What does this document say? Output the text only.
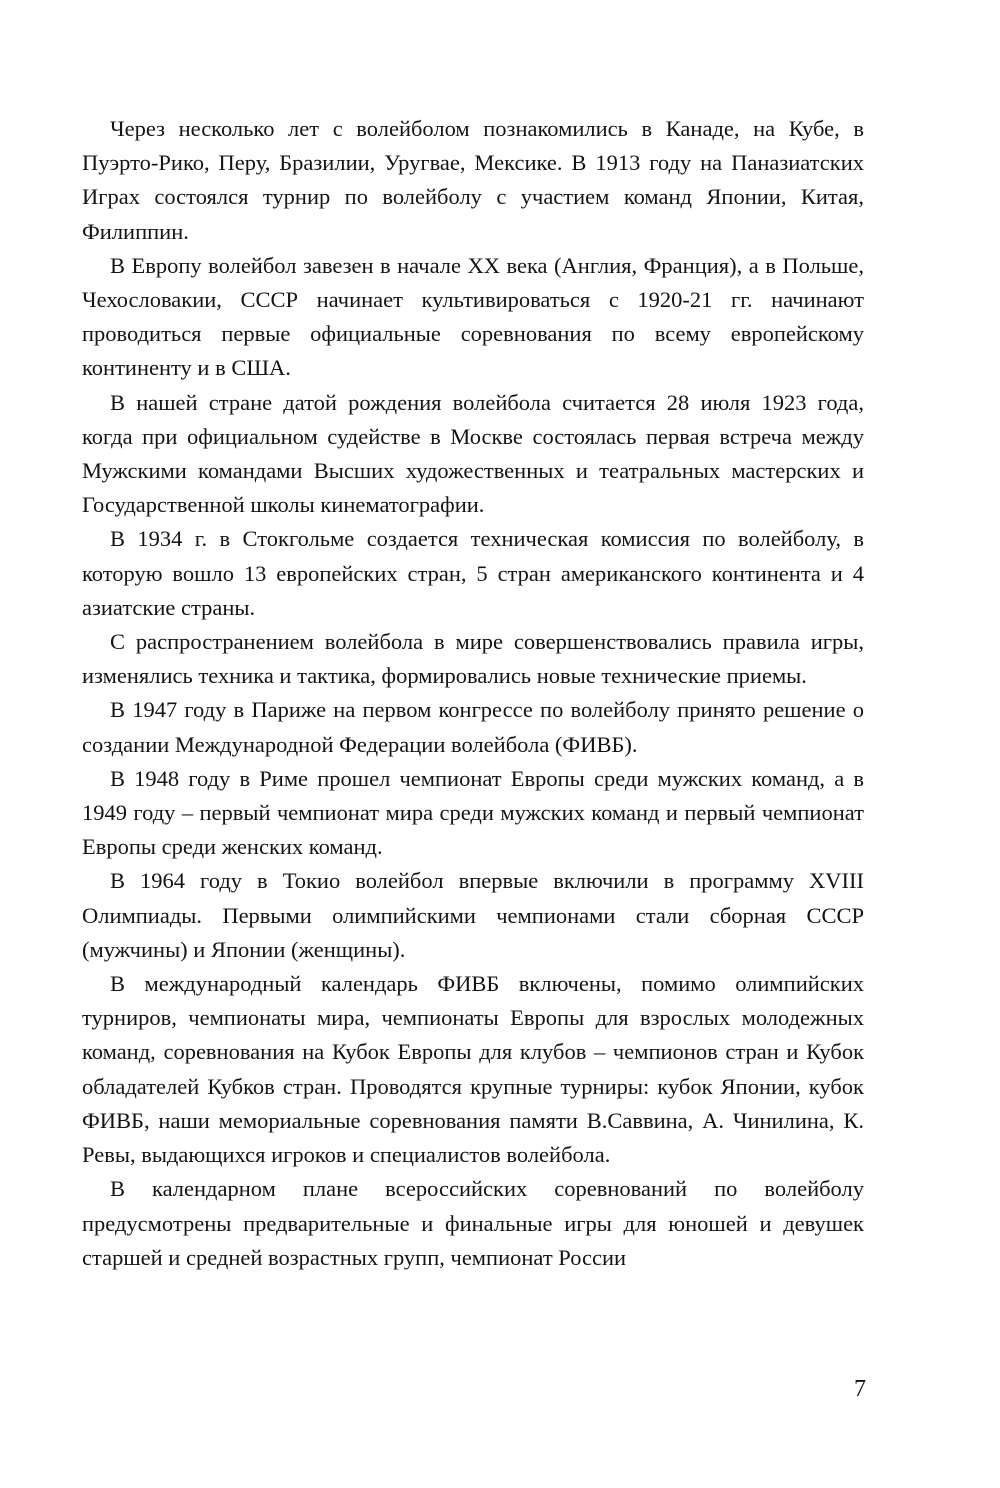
Через несколько лет с волейболом познакомились в Канаде, на Кубе, в Пуэрто-Рико, Перу, Бразилии, Уругвае, Мексике. В 1913 году на Паназиатских Играх состоялся турнир по волейболу с участием команд Японии, Китая, Филиппин.

В Европу волейбол завезен в начале XX века (Англия, Франция), а в Польше, Чехословакии, СССР начинает культивироваться с 1920-21 гг. начинают проводиться первые официальные соревнования по всему европейскому континенту и в США.

В нашей стране датой рождения волейбола считается 28 июля 1923 года, когда при официальном судействе в Москве состоялась первая встреча между Мужскими командами Высших художественных и театральных мастерских и Государственной школы кинематографии.

В 1934 г. в Стокгольме создается техническая комиссия по волейболу, в которую вошло 13 европейских стран, 5 стран американского континента и 4 азиатские страны.

С распространением волейбола в мире совершенствовались правила игры, изменялись техника и тактика, формировались новые технические приемы.

В 1947 году в Париже на первом конгрессе по волейболу принято решение о создании Международной Федерации волейбола (ФИВБ).

В 1948 году в Риме прошел чемпионат Европы среди мужских команд, а в 1949 году – первый чемпионат мира среди мужских команд и первый чемпионат Европы среди женских команд.

В 1964 году в Токио волейбол впервые включили в программу XVIII Олимпиады. Первыми олимпийскими чемпионами стали сборная СССР (мужчины) и Японии (женщины).

В международный календарь ФИВБ включены, помимо олимпийских турниров, чемпионаты мира, чемпионаты Европы для взрослых молодежных команд, соревнования на Кубок Европы для клубов – чемпионов стран и Кубок обладателей Кубков стран. Проводятся крупные турниры: кубок Японии, кубок ФИВБ, наши мемориальные соревнования памяти В.Саввина, А. Чинилина, К. Ревы, выдающихся игроков и специалистов волейбола.

В календарном плане всероссийских соревнований по волейболу предусмотрены предварительные и финальные игры для юношей и девушек старшей и средней возрастных групп, чемпионат России

7
